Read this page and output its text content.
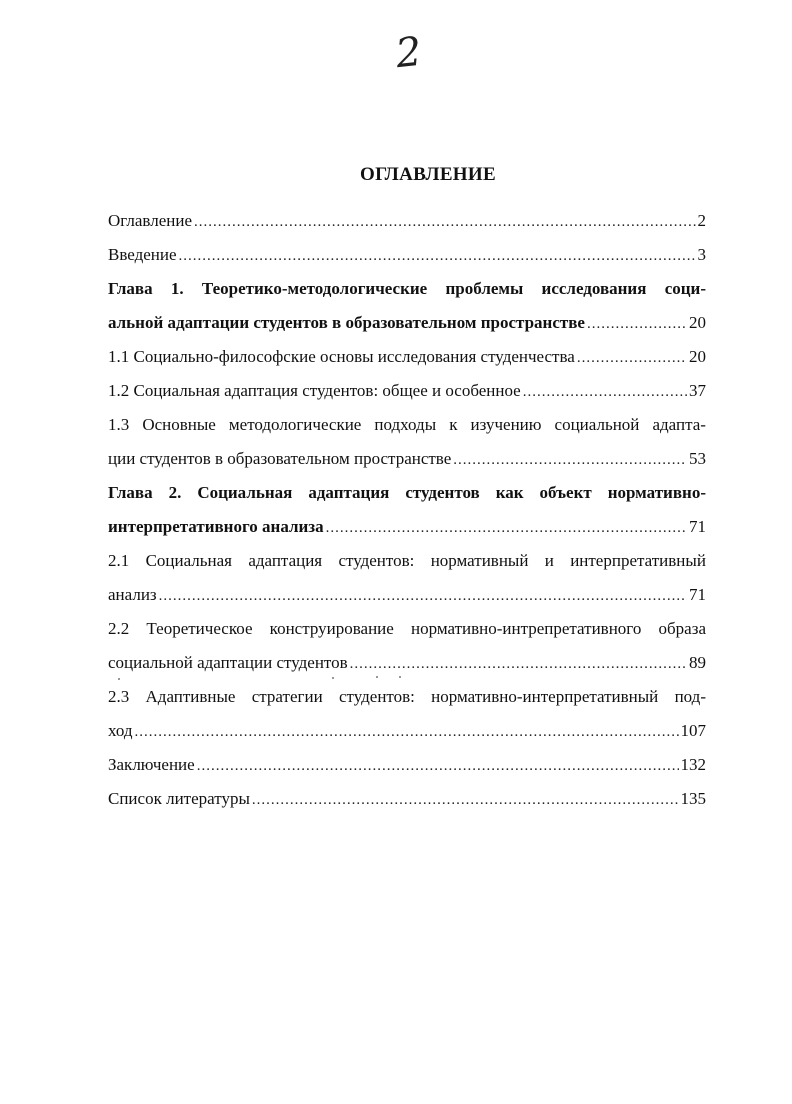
2
ОГЛАВЛЕНИЕ
Оглавление .....	2
Введение .....	3
Глава 1. Теоретико-методологические проблемы исследования соци-
альной адаптации студентов в образовательном пространстве .....	20
1.1 Социально-философские основы исследования студенчества .....	20
1.2 Социальная адаптация студентов: общее и особенное .....	37
1.3 Основные методологические подходы к изучению социальной адапта-
ции студентов в образовательном пространстве .....	53
Глава 2. Социальная адаптация студентов как объект нормативно-
интерпретативного анализа .....	71
2.1 Социальная адаптация студентов: нормативный и интерпретативный
анализ .....	71
2.2 Теоретическое конструирование нормативно-интрепретативного образа
социальной адаптации студентов .....	89
2.3 Адаптивные стратегии студентов: нормативно-интерпретативный под-
ход .....	107
Заключение .....	132
Список литературы .....	135
